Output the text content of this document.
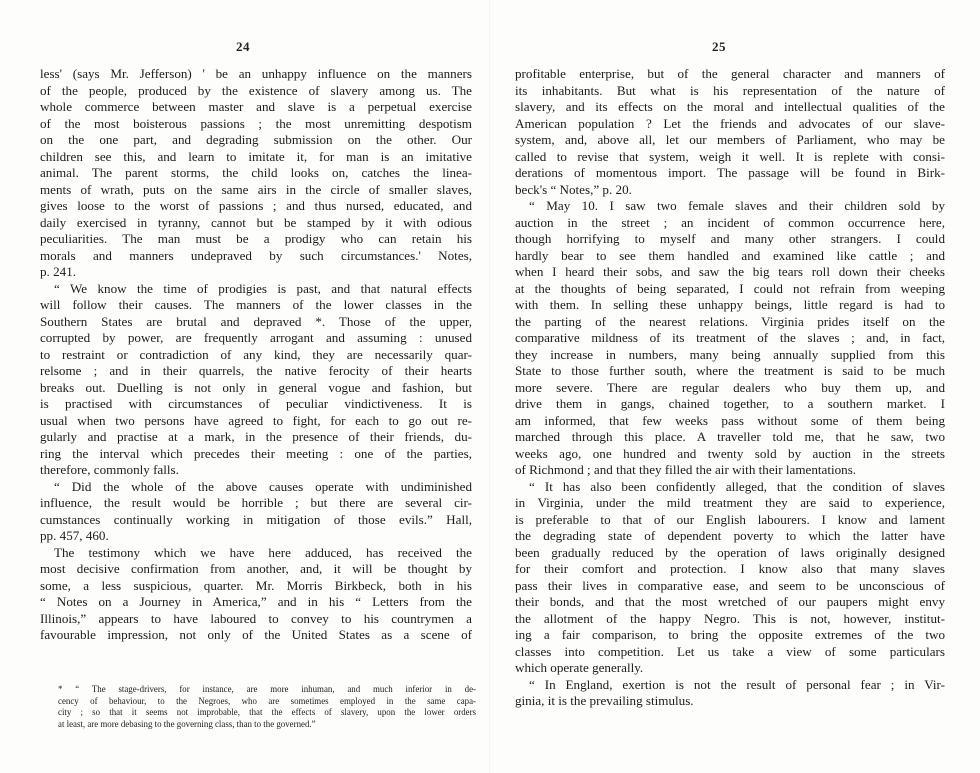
24
less' (says Mr. Jefferson) ' be an unhappy influence on the manners
of the people, produced by the existence of slavery among us. The
whole commerce between master and slave is a perpetual exercise
of the most boisterous passions ; the most unremitting despotism
on the one part, and degrading submission on the other. Our
children see this, and learn to imitate it, for man is an imitative
animal. The parent storms, the child looks on, catches the linea-
ments of wrath, puts on the same airs in the circle of smaller slaves,
gives loose to the worst of passions ; and thus nursed, educated, and
daily exercised in tyranny, cannot but be stamped by it with odious
peculiarities. The man must be a prodigy who can retain his
morals and manners undepraved by such circumstances.' Notes,
p. 241.
“ We know the time of prodigies is past, and that natural effects
will follow their causes. The manners of the lower classes in the
Southern States are brutal and depraved *. Those of the upper,
corrupted by power, are frequently arrogant and assuming : unused
to restraint or contradiction of any kind, they are necessarily quar-
relsome ; and in their quarrels, the native ferocity of their hearts
breaks out. Duelling is not only in general vogue and fashion, but
is practised with circumstances of peculiar vindictiveness. It is
usual when two persons have agreed to fight, for each to go out re-
gularly and practise at a mark, in the presence of their friends, du-
ring the interval which precedes their meeting : one of the parties,
therefore, commonly falls.
“ Did the whole of the above causes operate with undiminished
influence, the result would be horrible ; but there are several cir-
cumstances continually working in mitigation of those evils.” Hall,
pp. 457, 460.
The testimony which we have here adduced, has received the
most decisive confirmation from another, and, it will be thought by
some, a less suspicious, quarter. Mr. Morris Birkbeck, both in his
“ Notes on a Journey in America,” and in his “ Letters from the
Illinois,” appears to have laboured to convey to his countrymen a
favourable impression, not only of the United States as a scene of
* “ The stage-drivers, for instance, are more inhuman, and much inferior in de-
cency of behaviour, to the Negroes, who are sometimes employed in the same capa-
city ; so that it seems not improbable, that the effects of slavery, upon the lower orders
at least, are more debasing to the governing class, than to the governed.”
25
profitable enterprise, but of the general character and manners of
its inhabitants. But what is his representation of the nature of
slavery, and its effects on the moral and intellectual qualities of the
American population ? Let the friends and advocates of our slave-
system, and, above all, let our members of Parliament, who may be
called to revise that system, weigh it well. It is replete with consi-
derations of momentous import. The passage will be found in Birk-
beck's “ Notes,” p. 20.
“ May 10. I saw two female slaves and their children sold by
auction in the street ; an incident of common occurrence here,
though horrifying to myself and many other strangers. I could
hardly bear to see them handled and examined like cattle ; and
when I heard their sobs, and saw the big tears roll down their cheeks
at the thoughts of being separated, I could not refrain from weeping
with them. In selling these unhappy beings, little regard is had to
the parting of the nearest relations. Virginia prides itself on the
comparative mildness of its treatment of the slaves ; and, in fact,
they increase in numbers, many being annually supplied from this
State to those further south, where the treatment is said to be much
more severe. There are regular dealers who buy them up, and
drive them in gangs, chained together, to a southern market. I
am informed, that few weeks pass without some of them being
marched through this place. A traveller told me, that he saw, two
weeks ago, one hundred and twenty sold by auction in the streets
of Richmond ; and that they filled the air with their lamentations.
“ It has also been confidently alleged, that the condition of slaves
in Virginia, under the mild treatment they are said to experience,
is preferable to that of our English labourers. I know and lament
the degrading state of dependent poverty to which the latter have
been gradually reduced by the operation of laws originally designed
for their comfort and protection. I know also that many slaves
pass their lives in comparative ease, and seem to be unconscious of
their bonds, and that the most wretched of our paupers might envy
the allotment of the happy Negro. This is not, however, institut-
ing a fair comparison, to bring the opposite extremes of the two
classes into competition. Let us take a view of some particulars
which operate generally.
“ In England, exertion is not the result of personal fear ; in Vir-
ginia, it is the prevailing stimulus.
